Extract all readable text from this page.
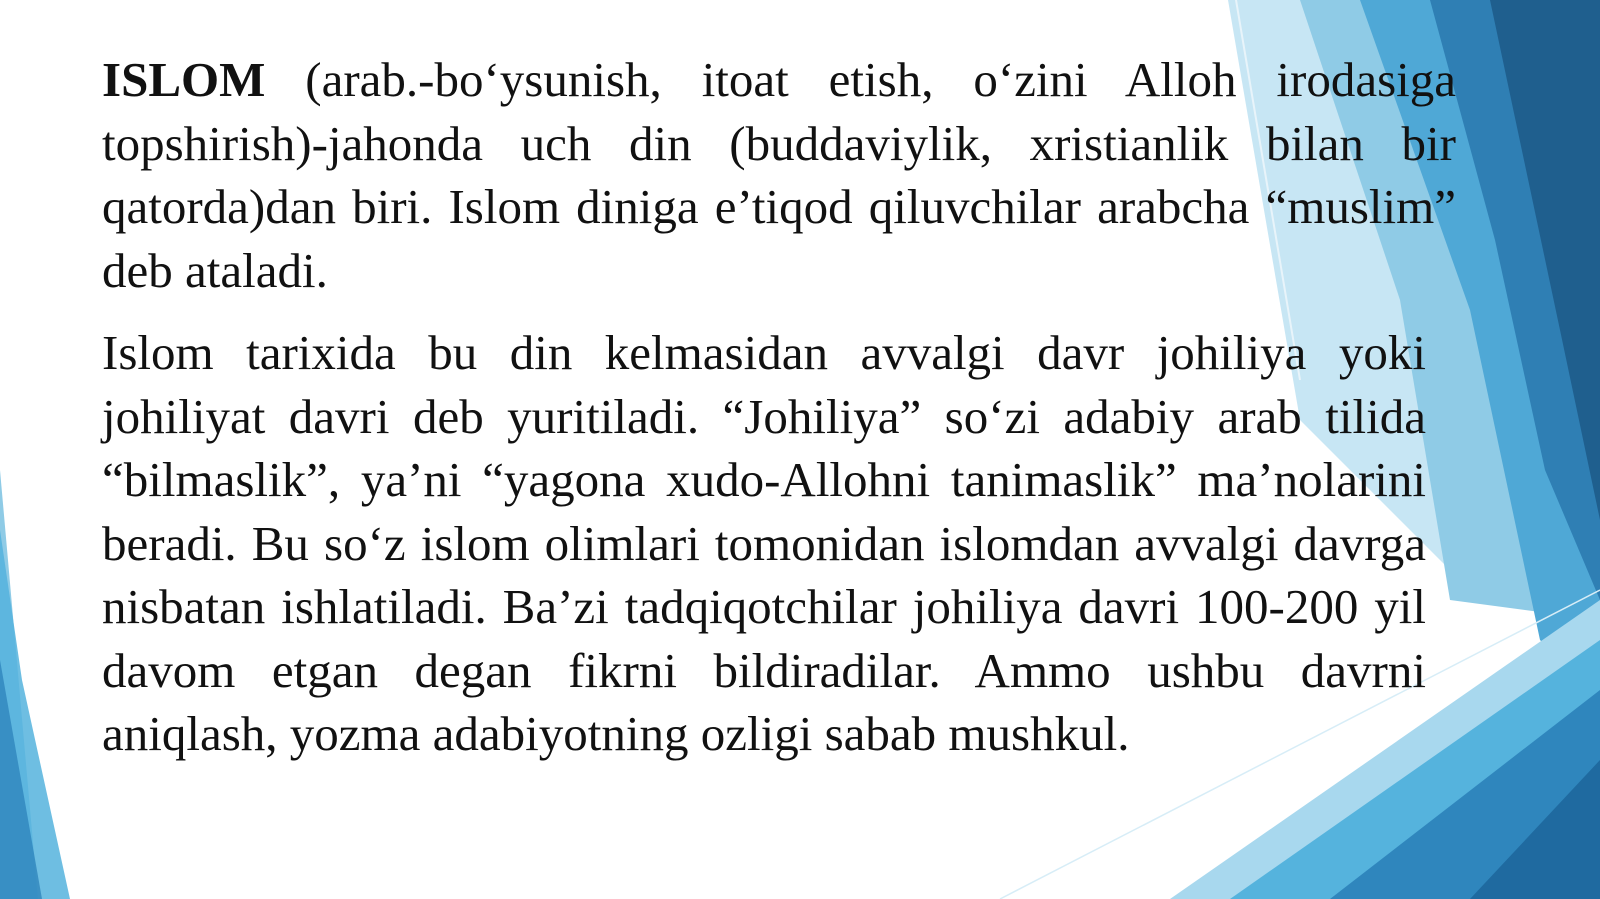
ISLOM (arab.-bo‘ysunish, itoat etish, o‘zini Alloh irodasiga topshirish)-jahonda uch din (buddaviylik, xristianlik bilan bir qatorda)dan biri. Islom diniga e’tiqod qiluvchilar arabcha “muslim” deb ataladi.

Islom tarixida bu din kelmasidan avvalgi davr johiliya yoki johiliyat davri deb yuritiladi. “Johiliya” so‘zi adabiy arab tilida “bilmaslik”, ya’ni “yagona xudo-Allohni tanimaslik” ma’nolarini beradi. Bu so‘z islom olimlari tomonidan islomdan avvalgi davrga nisbatan ishlatiladi. Ba’zi tadqiqotchilar johiliya davri 100-200 yil davom etgan degan fikrni bildiradilar. Ammo ushbu davrni aniqlash, yozma adabiyotning ozligi sabab mushkul.
